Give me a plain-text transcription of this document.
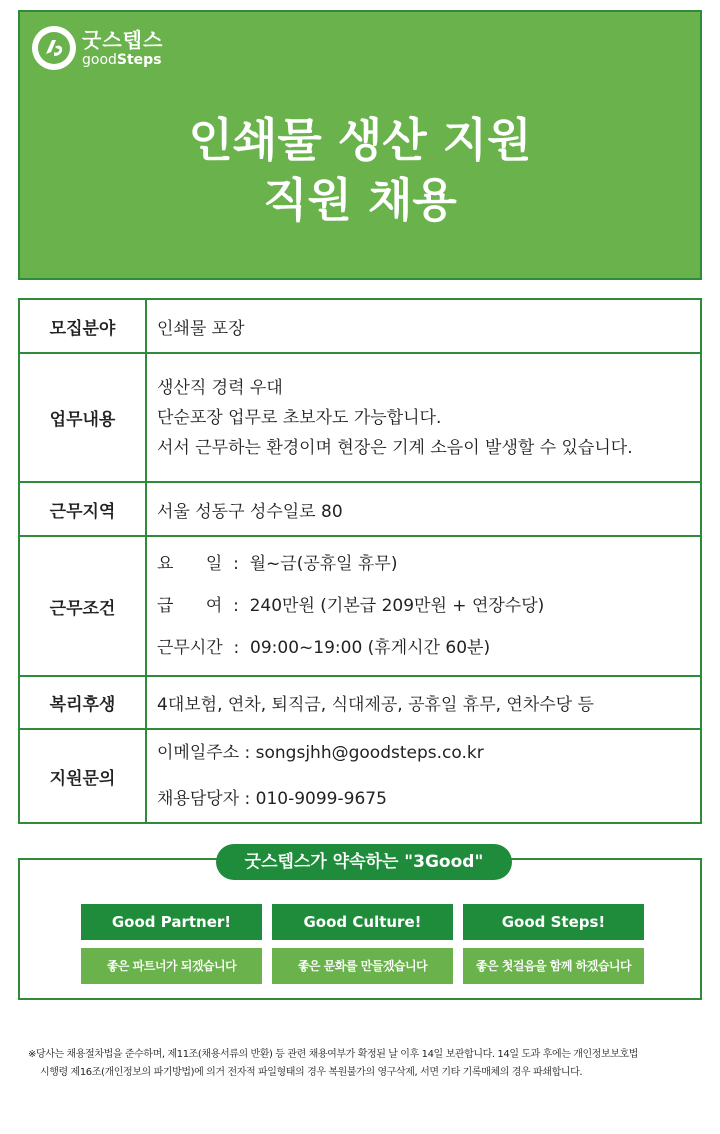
굿스텝스
goodSteps
인쇄물 생산 지원
직원 채용
모집분야	인쇄물 포장
업무내용	생산직 경력 우대
단순포장 업무로 초보자도 가능합니다.
서서 근무하는 환경이며 현장은 기계 소음이 발생할 수 있습니다.

근무지역	서울 성동구 성수일로 80
근무조건	요      일  :  월~금(공휴일 휴무)
급      여  :  240만원 (기본급 209만원 + 연장수당)
근무시간  :  09:00~19:00 (휴게시간 60분)

복리후생	4대보험, 연차, 퇴직금, 식대제공, 공휴일 휴무, 연차수당 등
지원문의	이메일주소 : songsjhh@goodsteps.co.kr
채용담당자 : 010-9099-9675
굿스텝스가 약속하는 "3Good"
Good Partner!	Good Culture!	Good Steps!
좋은 파트너가 되겠습니다	좋은 문화를 만들겠습니다	좋은 첫걸음을 함께 하겠습니다
※당사는 채용절차법을 준수하며, 제11조(채용서류의 반환) 등 관련 채용여부가 확정된 날 이후 14일 보관합니다. 14일 도과 후에는 개인정보보호법
시행령 제16조(개인정보의 파기방법)에 의거 전자적 파일형태의 경우 복원불가의 영구삭제, 서면 기타 기록매체의 경우 파쇄합니다.
